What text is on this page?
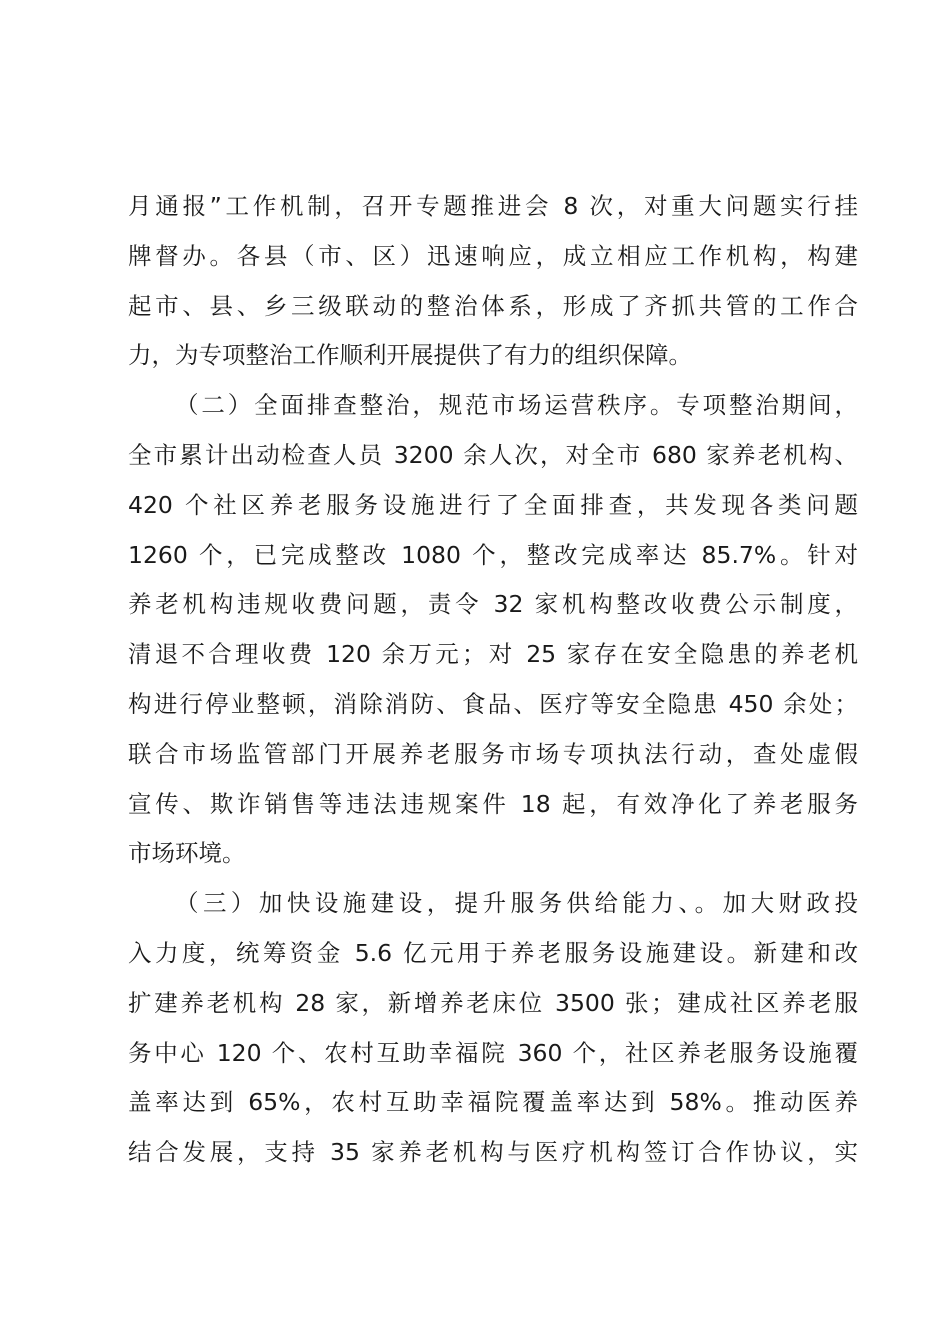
月通报”工作机制，召开专题推进会 8 次，对重大问题实行挂
牌督办。各县（市、区）迅速响应，成立相应工作机构，构建
起市、县、乡三级联动的整治体系，形成了齐抓共管的工作合
力，为专项整治工作顺利开展提供了有力的组织保障。
（二）全面排查整治，规范市场运营秩序。专项整治期间，
全市累计出动检查人员 3200 余人次，对全市 680 家养老机构、
420 个社区养老服务设施进行了全面排查，共发现各类问题
1260 个，已完成整改 1080 个，整改完成率达 85.7%。针对
养老机构违规收费问题，责令 32 家机构整改收费公示制度，
清退不合理收费 120 余万元；对 25 家存在安全隐患的养老机
构进行停业整顿，消除消防、食品、医疗等安全隐患 450 余处；
联合市场监管部门开展养老服务市场专项执法行动，查处虚假
宣传、欺诈销售等违法违规案件 18 起，有效净化了养老服务
市场环境。
（三）加快设施建设，提升服务供给能力、。加大财政投
入力度，统筹资金 5.6 亿元用于养老服务设施建设。新建和改
扩建养老机构 28 家，新增养老床位 3500 张；建成社区养老服
务中心 120 个、农村互助幸福院 360 个，社区养老服务设施覆
盖率达到 65%，农村互助幸福院覆盖率达到 58%。推动医养
结合发展，支持 35 家养老机构与医疗机构签订合作协议，实
